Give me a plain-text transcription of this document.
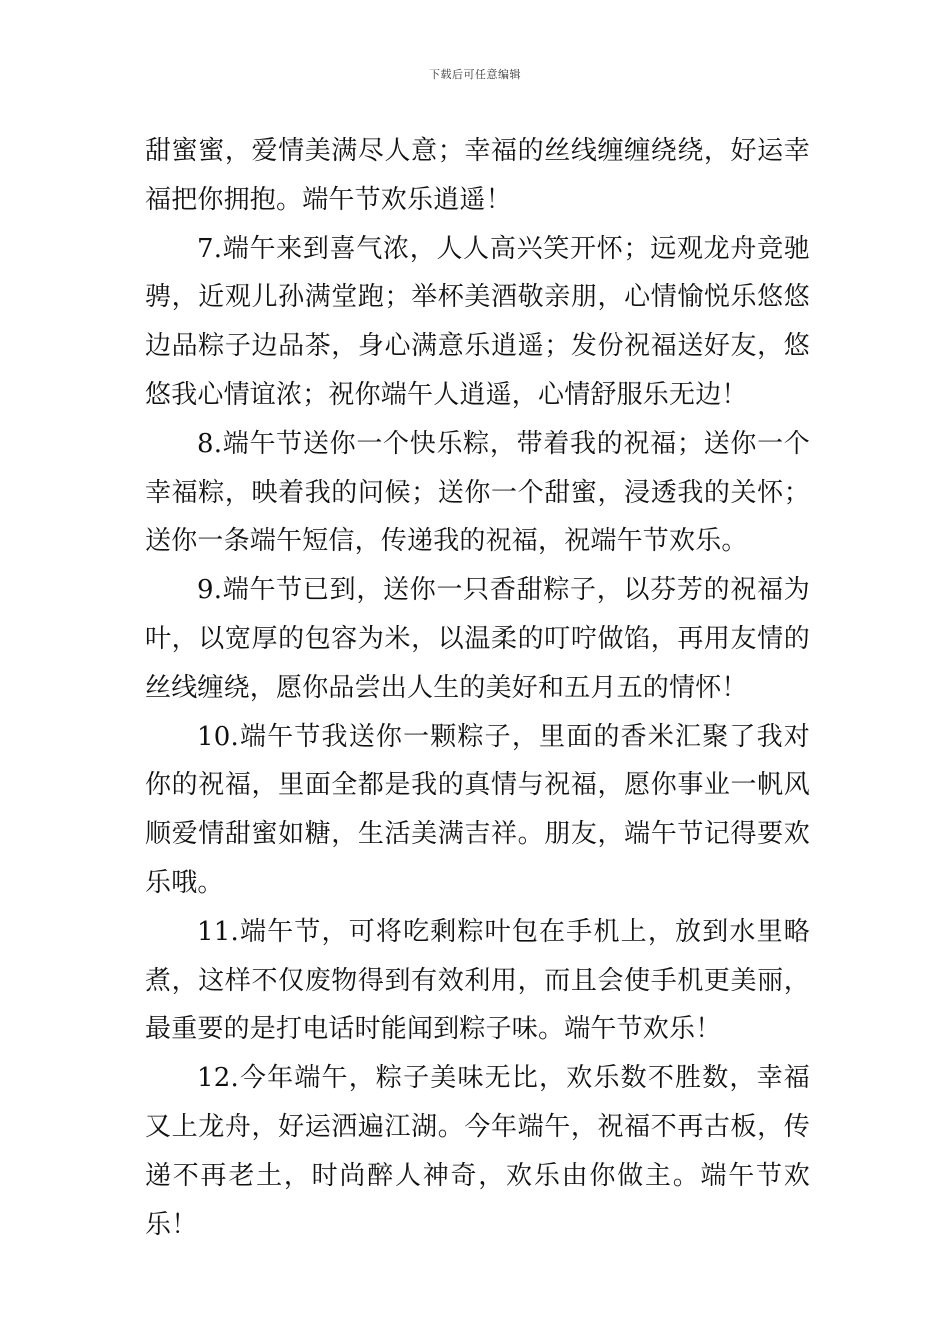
下载后可任意编辑

甜蜜蜜，爱情美满尽人意；幸福的丝线缠缠绕绕，好运幸福把你拥抱。端午节欢乐逍遥！

7.端午来到喜气浓，人人高兴笑开怀；远观龙舟竞驰骋，近观儿孙满堂跑；举杯美酒敬亲朋，心情愉悦乐悠悠边品粽子边品茶，身心满意乐逍遥；发份祝福送好友，悠悠我心情谊浓；祝你端午人逍遥，心情舒服乐无边！

8.端午节送你一个快乐粽，带着我的祝福；送你一个幸福粽，映着我的问候；送你一个甜蜜，浸透我的关怀；送你一条端午短信，传递我的祝福，祝端午节欢乐。

9.端午节已到，送你一只香甜粽子，以芬芳的祝福为叶，以宽厚的包容为米，以温柔的叮咛做馅，再用友情的丝线缠绕，愿你品尝出人生的美好和五月五的情怀！

10.端午节我送你一颗粽子，里面的香米汇聚了我对你的祝福，里面全都是我的真情与祝福，愿你事业一帆风顺爱情甜蜜如糖，生活美满吉祥。朋友，端午节记得要欢乐哦。

11.端午节，可将吃剩粽叶包在手机上，放到水里略煮，这样不仅废物得到有效利用，而且会使手机更美丽，最重要的是打电话时能闻到粽子味。端午节欢乐！

12.今年端午，粽子美味无比，欢乐数不胜数，幸福又上龙舟，好运洒遍江湖。今年端午，祝福不再古板，传递不再老土，时尚醉人神奇，欢乐由你做主。端午节欢乐！
